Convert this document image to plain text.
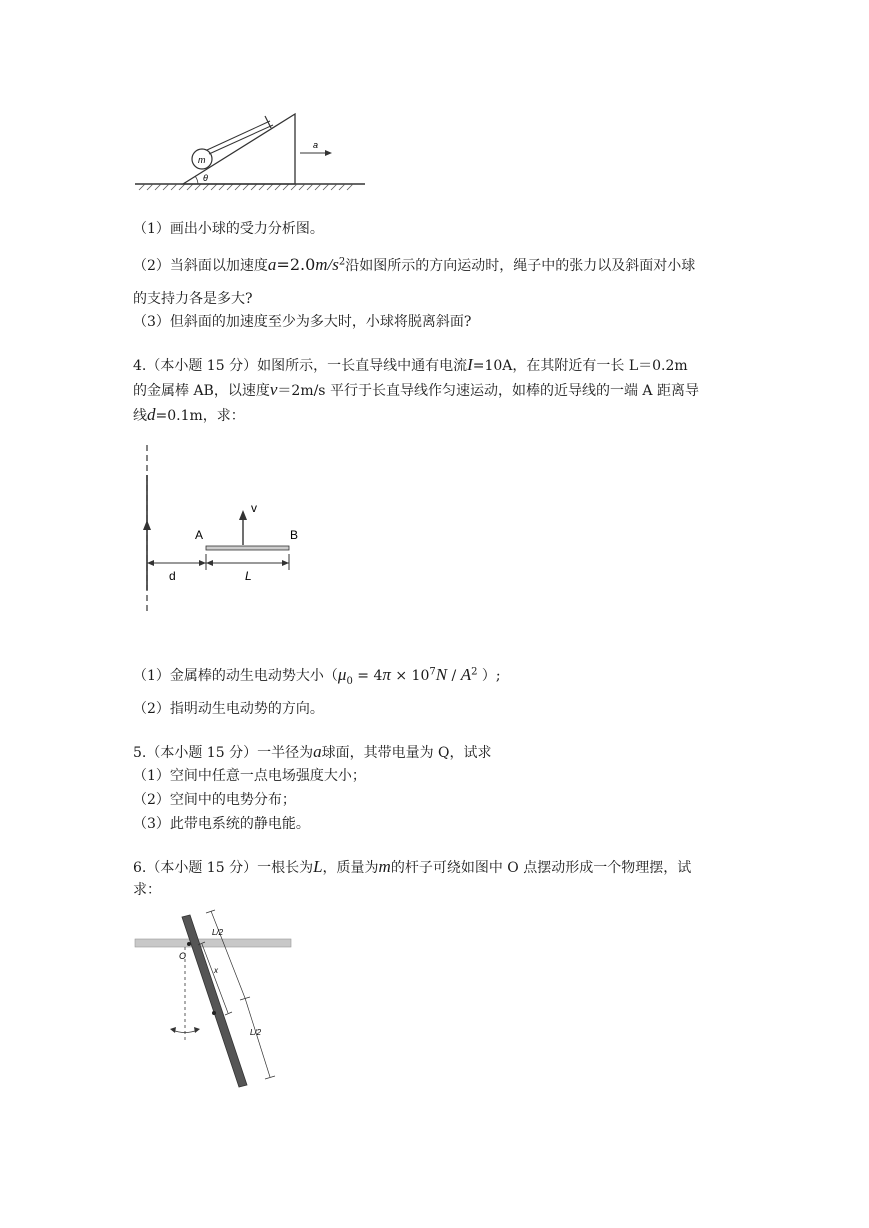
m
θ
a
（1）画出小球的受力分析图。
（2）当斜面以加速度$a=2.0m/s^2$沿如图所示的方向运动时，绳子中的张力以及斜面对小球
的支持力各是多大?
（3）但斜面的加速度至少为多大时，小球将脱离斜面?
4.（本小题 15 分）如图所示，一长直导线中通有电流I=10A，在其附近有一长 L＝0.2m
的金属棒 AB，以速度v＝2m/s 平行于长直导线作匀速运动，如棒的近导线的一端 A 距离导
线d=0.1m，求：
v
A	B
d	L
（1）金属棒的动生电动势大小（$\mu_0 = 4\pi \times 10^7N / A^2$ ）;
（2）指明动生电动势的方向。
5.（本小题 15 分）一半径为a球面，其带电量为 Q，试求
（1）空间中任意一点电场强度大小；
（2）空间中的电势分布；
（3）此带电系统的静电能。
6.（本小题 15 分）一根长为L，质量为m的杆子可绕如图中 O 点摆动形成一个物理摆，试
求：
O
L/2
x
L/2
